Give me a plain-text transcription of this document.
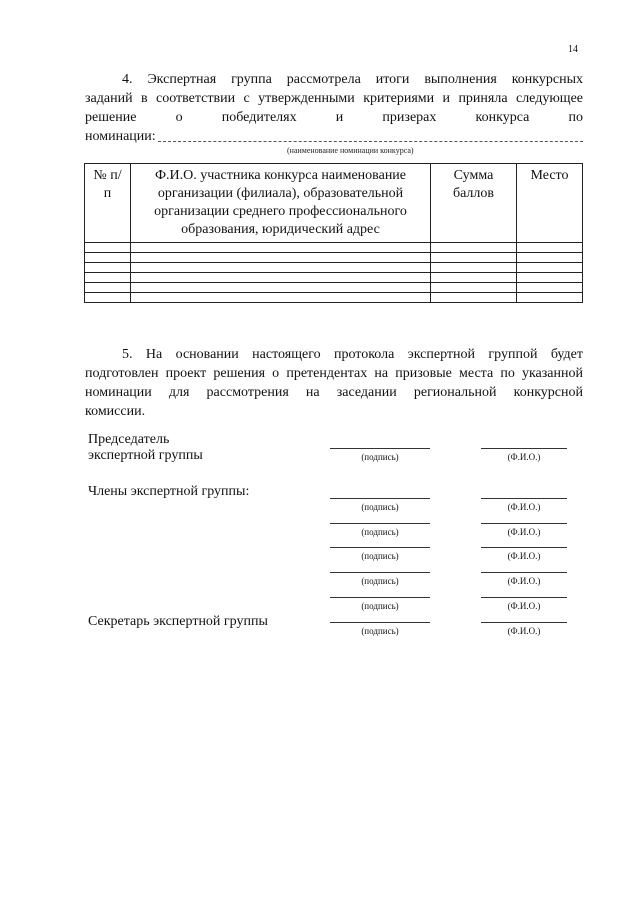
14
4. Экспертная группа рассмотрела итоги выполнения конкурсных
заданий в соответствии с утвержденными критериями и приняла следующее
решение о победителях и призерах конкурса по
номинации:
(наименование номинации конкурса)
№ п/п	Ф.И.О. участника конкурса наименование организации (филиала), образовательной организации среднего профессионального образования, юридический адрес	Сумма баллов	Место

5. На основании настоящего протокола экспертной группой будет
подготовлен проект решения о претендентах на призовые места по указанной
номинации для рассмотрения на заседании региональной конкурсной
комиссии.
Председатель
экспертной группы	(подпись)	(Ф.И.О.)
Члены экспертной группы:
(подпись)	(Ф.И.О.)
(подпись)	(Ф.И.О.)
(подпись)	(Ф.И.О.)
(подпись)	(Ф.И.О.)
(подпись)	(Ф.И.О.)
Секретарь экспертной группы
(подпись)	(Ф.И.О.)
